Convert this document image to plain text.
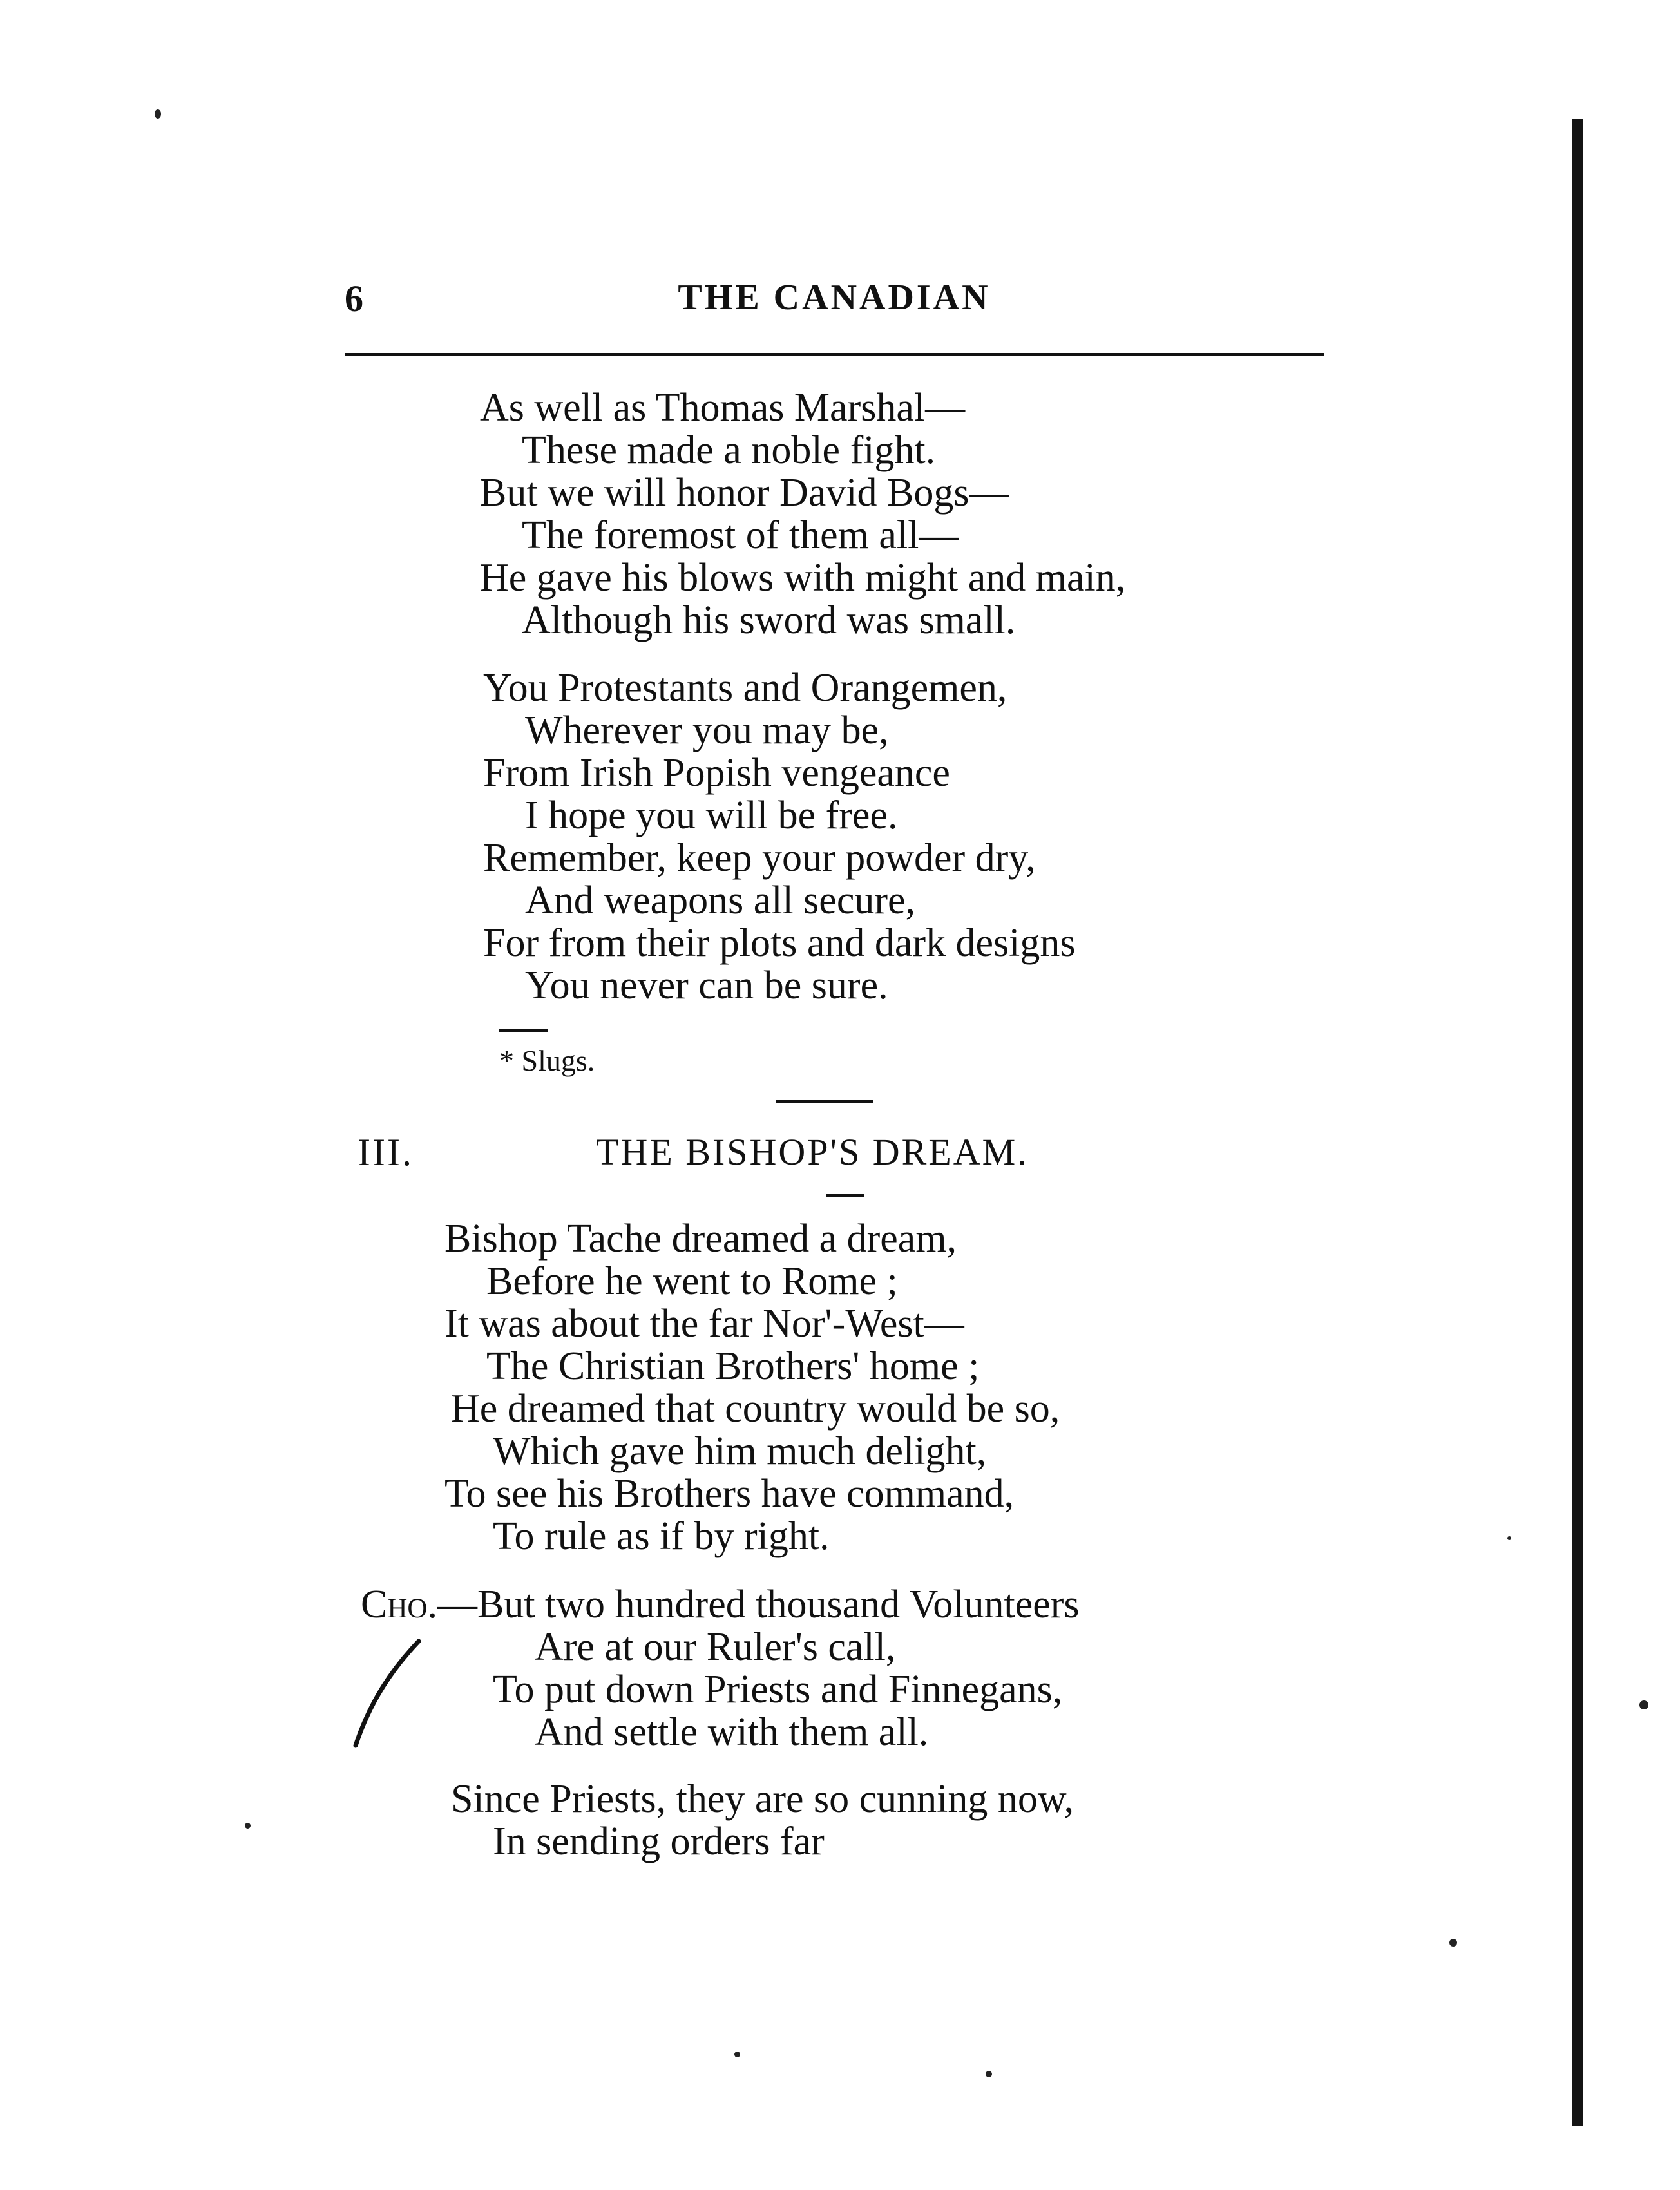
6	THE CANADIAN
As well as Thomas Marshal—
These made a noble fight.
But we will honor David Bogs—
The foremost of them all—
He gave his blows with might and main,
Although his sword was small.
You Protestants and Orangemen,
Wherever you may be,
From Irish Popish vengeance
I hope you will be free.
Remember, keep your powder dry,
And weapons all secure,
For from their plots and dark designs
You never can be sure.
* Slugs.
III.	THE BISHOP'S DREAM.
Bishop Tache dreamed a dream,
Before he went to Rome ;
It was about the far Nor'-West—
The Christian Brothers' home ;
He dreamed that country would be so,
Which gave him much delight,
To see his Brothers have command,
To rule as if by right.
Cho.—But two hundred thousand Volunteers
Are at our Ruler's call,
To put down Priests and Finnegans,
And settle with them all.
Since Priests, they are so cunning now,
In sending orders far
